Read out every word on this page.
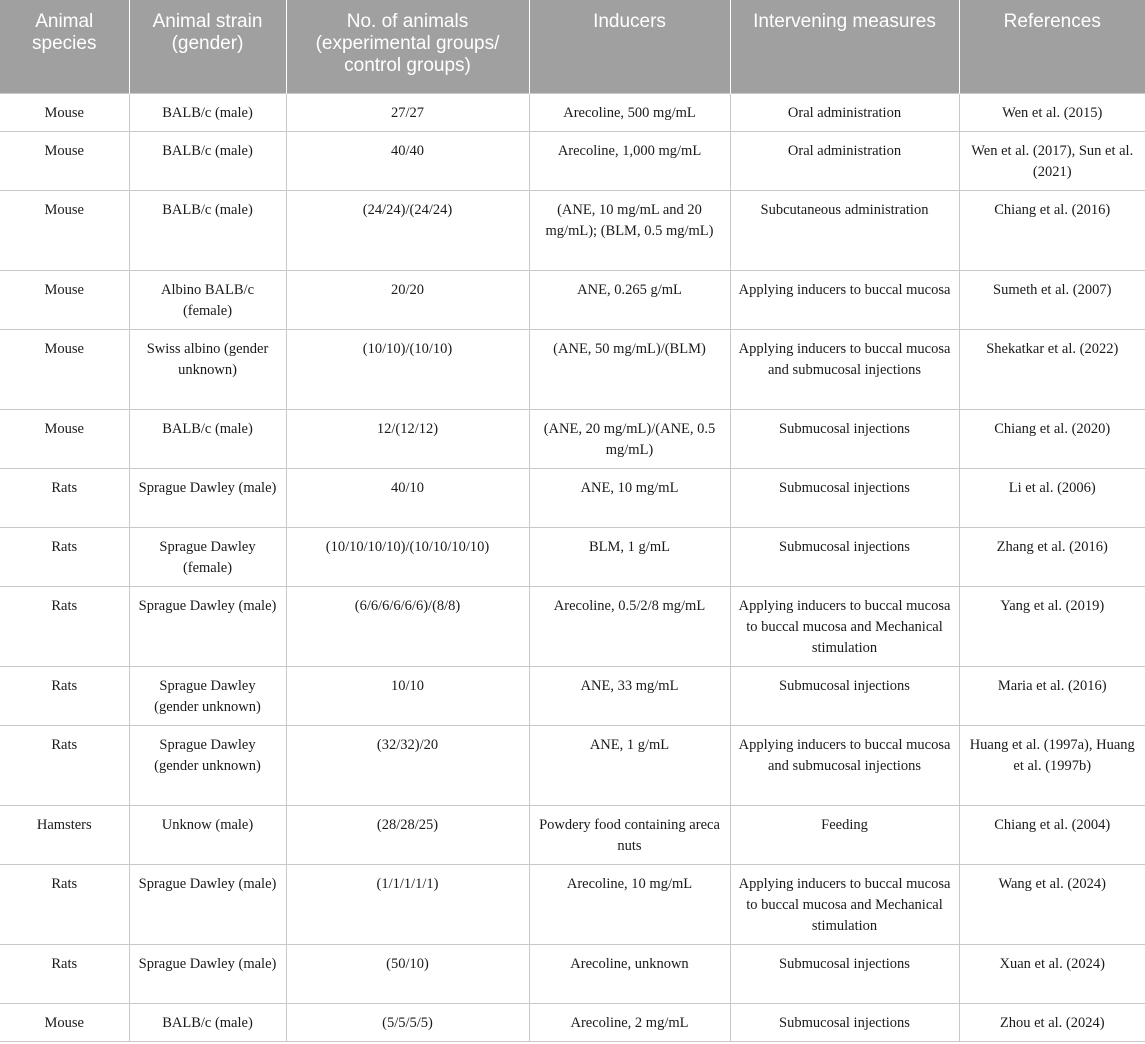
Animal species	Animal strain (gender)	No. of animals (experimental groups/ control groups)	Inducers	Intervening measures	References
Mouse	BALB/c (male)	27/27	Arecoline, 500 mg/mL	Oral administration	Wen et al. (2015)
Mouse	BALB/c (male)	40/40	Arecoline, 1,000 mg/mL	Oral administration	Wen et al. (2017), Sun et al. (2021)
Mouse	BALB/c (male)	(24/24)/(24/24)	(ANE, 10 mg/mL and 20 mg/mL); (BLM, 0.5 mg/mL)	Subcutaneous administration	Chiang et al. (2016)
Mouse	Albino BALB/c (female)	20/20	ANE, 0.265 g/mL	Applying inducers to buccal mucosa	Sumeth et al. (2007)
Mouse	Swiss albino (gender unknown)	(10/10)/(10/10)	(ANE, 50 mg/mL)/(BLM)	Applying inducers to buccal mucosa and submucosal injections	Shekatkar et al. (2022)
Mouse	BALB/c (male)	12/(12/12)	(ANE, 20 mg/mL)/(ANE, 0.5 mg/mL)	Submucosal injections	Chiang et al. (2020)
Rats	Sprague Dawley (male)	40/10	ANE, 10 mg/mL	Submucosal injections	Li et al. (2006)
Rats	Sprague Dawley (female)	(10/10/10/10)/(10/10/10/10)	BLM, 1 g/mL	Submucosal injections	Zhang et al. (2016)
Rats	Sprague Dawley (male)	(6/6/6/6/6/6)/(8/8)	Arecoline, 0.5/2/8 mg/mL	Applying inducers to buccal mucosa to buccal mucosa and Mechanical stimulation	Yang et al. (2019)
Rats	Sprague Dawley (gender unknown)	10/10	ANE, 33 mg/mL	Submucosal injections	Maria et al. (2016)
Rats	Sprague Dawley (gender unknown)	(32/32)/20	ANE, 1 g/mL	Applying inducers to buccal mucosa and submucosal injections	Huang et al. (1997a), Huang et al. (1997b)
Hamsters	Unknow (male)	(28/28/25)	Powdery food containing areca nuts	Feeding	Chiang et al. (2004)
Rats	Sprague Dawley (male)	(1/1/1/1/1)	Arecoline, 10 mg/mL	Applying inducers to buccal mucosa to buccal mucosa and Mechanical stimulation	Wang et al. (2024)
Rats	Sprague Dawley (male)	(50/10)	Arecoline, unknown	Submucosal injections	Xuan et al. (2024)
Mouse	BALB/c (male)	(5/5/5/5)	Arecoline, 2 mg/mL	Submucosal injections	Zhou et al. (2024)
